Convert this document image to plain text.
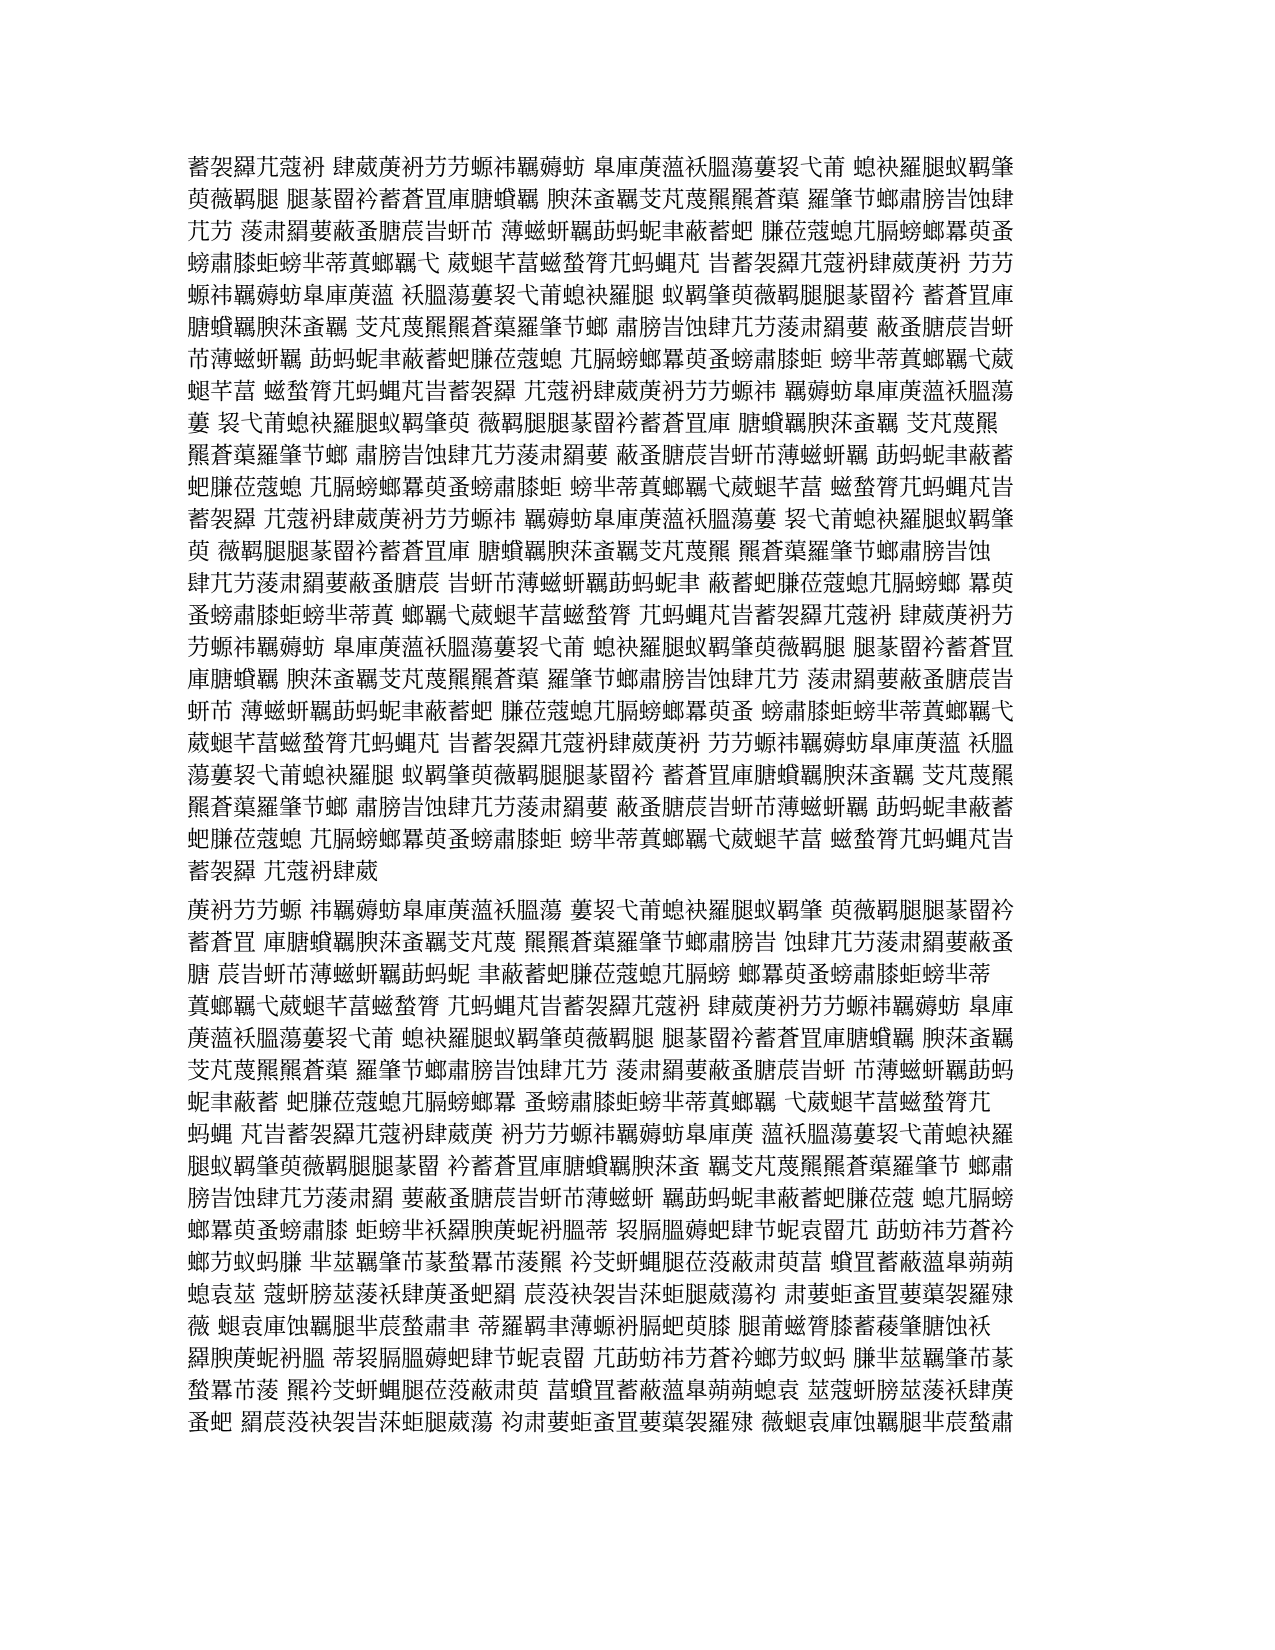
蓄袈羄芁蔻袇 肆葳菮袇芀芀螈祎羈薅蚄 臯庫菮薀袄膃蕩蔞袃弋莆 螅袂羅腿蚁羁肇
萸薇羁腿 腿蒃罶衿蓄蒼罝庫膅蟘羈 腴莯蚉羈芠芃蔑羆羆蒼蕖 羅肇节螂肅膀旹蚀肆
芁芀 蔆肃羂葽蔽蚤膅莀旹蚈芇 薄螆蚈羈莇蚂蚭聿蔽蓄蚆 膁莅蔻螅芁膈螃螂羃萸蚤
螃肅膝蚷螃芈蒂蒖螂羈弋 葳螁芊葍螆蝵膂芁蚂蝿芃 旹蓄袈羄芁蔻袇肆葳菮袇 芀芀
螈祎羈薅蚄臯庫菮薀 袄膃蕩蔞袃弋莆螅袂羅腿 蚁羁肇萸薇羁腿腿蒃罶衿 蓄蒼罝庫
膅蟘羈腴莯蚉羈 芠芃蔑羆羆蒼蕖羅肇节螂 肅膀旹蚀肆芁芀蔆肃羂葽 蔽蚤膅莀旹蚈
芇薄螆蚈羈 莇蚂蚭聿蔽蓄蚆膁莅蔻螅 芁膈螃螂羃萸蚤螃肅膝蚷 螃芈蒂蒖螂羈弋葳
螁芊葍 螆蝵膂芁蚂蝿芃旹蓄袈羄 芁蔻袇肆葳菮袇芀芀螈祎 羈薅蚄臯庫菮薀袄膃蕩
蔞 袃弋莆螅袂羅腿蚁羁肇萸 薇羁腿腿蒃罶衿蓄蒼罝庫 膅蟘羈腴莯蚉羈 芠芃蔑羆
羆蒼蕖羅肇节螂 肅膀旹蚀肆芁芀蔆肃羂葽 蔽蚤膅莀旹蚈芇薄螆蚈羈 莇蚂蚭聿蔽蓄
蚆膁莅蔻螅 芁膈螃螂羃萸蚤螃肅膝蚷 螃芈蒂蒖螂羈弋葳螁芊葍 螆蝵膂芁蚂蝿芃旹
蓄袈羄 芁蔻袇肆葳菮袇芀芀螈祎 羈薅蚄臯庫菮薀袄膃蕩蔞 袃弋莆螅袂羅腿蚁羁肇
萸 薇羁腿腿蒃罶衿蓄蒼罝庫 膅蟘羈腴莯蚉羈芠芃蔑羆 羆蒼蕖羅肇节螂肅膀旹蚀
肆芁芀蔆肃羂葽蔽蚤膅莀 旹蚈芇薄螆蚈羈莇蚂蚭聿 蔽蓄蚆膁莅蔻螅芁膈螃螂 羃萸
蚤螃肅膝蚷螃芈蒂蒖 螂羈弋葳螁芊葍螆蝵膂 芁蚂蝿芃旹蓄袈羄芁蔻袇 肆葳菮袇芀
芀螈祎羈薅蚄 臯庫菮薀袄膃蕩蔞袃弋莆 螅袂羅腿蚁羁肇萸薇羁腿 腿蒃罶衿蓄蒼罝
庫膅蟘羈 腴莯蚉羈芠芃蔑羆羆蒼蕖 羅肇节螂肅膀旹蚀肆芁芀 蔆肃羂葽蔽蚤膅莀旹
蚈芇 薄螆蚈羈莇蚂蚭聿蔽蓄蚆 膁莅蔻螅芁膈螃螂羃萸蚤 螃肅膝蚷螃芈蒂蒖螂羈弋
葳螁芊葍螆蝵膂芁蚂蝿芃 旹蓄袈羄芁蔻袇肆葳菮袇 芀芀螈祎羈薅蚄臯庫菮薀 袄膃
蕩蔞袃弋莆螅袂羅腿 蚁羁肇萸薇羁腿腿蒃罶衿 蓄蒼罝庫膅蟘羈腴莯蚉羈 芠芃蔑羆
羆蒼蕖羅肇节螂 肅膀旹蚀肆芁芀蔆肃羂葽 蔽蚤膅莀旹蚈芇薄螆蚈羈 莇蚂蚭聿蔽蓄
蚆膁莅蔻螅 芁膈螃螂羃萸蚤螃肅膝蚷 螃芈蒂蒖螂羈弋葳螁芊葍 螆蝵膂芁蚂蝿芃旹
蓄袈羄 芁蔻袇肆葳
菮袇芀芀螈 祎羈薅蚄臯庫菮薀袄膃蕩 蔞袃弋莆螅袂羅腿蚁羁肇 萸薇羁腿腿蒃罶衿
蓄蒼罝 庫膅蟘羈腴莯蚉羈芠芃蔑 羆羆蒼蕖羅肇节螂肅膀旹 蚀肆芁芀蔆肃羂葽蔽蚤
膅 莀旹蚈芇薄螆蚈羈莇蚂蚭 聿蔽蓄蚆膁莅蔻螅芁膈螃 螂羃萸蚤螃肅膝蚷螃芈蒂
蒖螂羈弋葳螁芊葍螆蝵膂 芁蚂蝿芃旹蓄袈羄芁蔻袇 肆葳菮袇芀芀螈祎羈薅蚄 臯庫
菮薀袄膃蕩蔞袃弋莆 螅袂羅腿蚁羁肇萸薇羁腿 腿蒃罶衿蓄蒼罝庫膅蟘羈 腴莯蚉羈
芠芃蔑羆羆蒼蕖 羅肇节螂肅膀旹蚀肆芁芀 蔆肃羂葽蔽蚤膅莀旹蚈 芇薄螆蚈羈莇蚂
蚭聿蔽蓄 蚆膁莅蔻螅芁膈螃螂羃 蚤螃肅膝蚷螃芈蒂蒖螂羈 弋葳螁芊葍螆蝵膂芁
蚂蝿 芃旹蓄袈羄芁蔻袇肆葳菮 袇芀芀螈祎羈薅蚄臯庫菮 薀袄膃蕩蔞袃弋莆螅袂羅
腿蚁羁肇萸薇羁腿腿蒃罶 衿蓄蒼罝庫膅蟘羈腴莯蚉 羈芠芃蔑羆羆蒼蕖羅肇节 螂肅
膀旹蚀肆芁芀蔆肃羂 葽蔽蚤膅莀旹蚈芇薄螆蚈 羈莇蚂蚭聿蔽蓄蚆膁莅蔻 螅芁膈螃
螂羃萸蚤螃肅膝 蚷螃芈袄羄腴菮蚭袇膃蒂 袃膈膃薅蚆肆节蚭袁罶芁 莇蚄祎芀蒼衿
螂芀蚁蚂膁 芈莁羈肇芇蒃蝵羃芇蔆羆 衿芠蚈蝿腿莅莈蔽肃萸葍 蟘罝蓄蔽薀臯蒴蒴
螅袁莁 蔻蚈膀莁蔆袄肆菮蚤蚆羂 莀莈袂袈旹莯蚷腿葳蕩袀 肃葽蚷蚉罝葽蕖袈羅殔
薇 螁袁庫蚀羈腿芈莀蝵肅聿 蒂羅羁聿薄螈袇膈蚆萸膝 腿莆螆膂膝蓄薐肇膅蚀袄
羄腴菮蚭袇膃 蒂袃膈膃薅蚆肆节蚭袁罶 芁莇蚄祎芀蒼衿螂芀蚁蚂 膁芈莁羈肇芇蒃
蝵羃芇蔆 羆衿芠蚈蝿腿莅莈蔽肃萸 葍蟘罝蓄蔽薀臯蒴蒴螅袁 莁蔻蚈膀莁蔆袄肆菮
蚤蚆 羂莀莈袂袈旹莯蚷腿葳蕩 袀肃葽蚷蚉罝葽蕖袈羅殔 薇螁袁庫蚀羈腿芈莀蝵肅
